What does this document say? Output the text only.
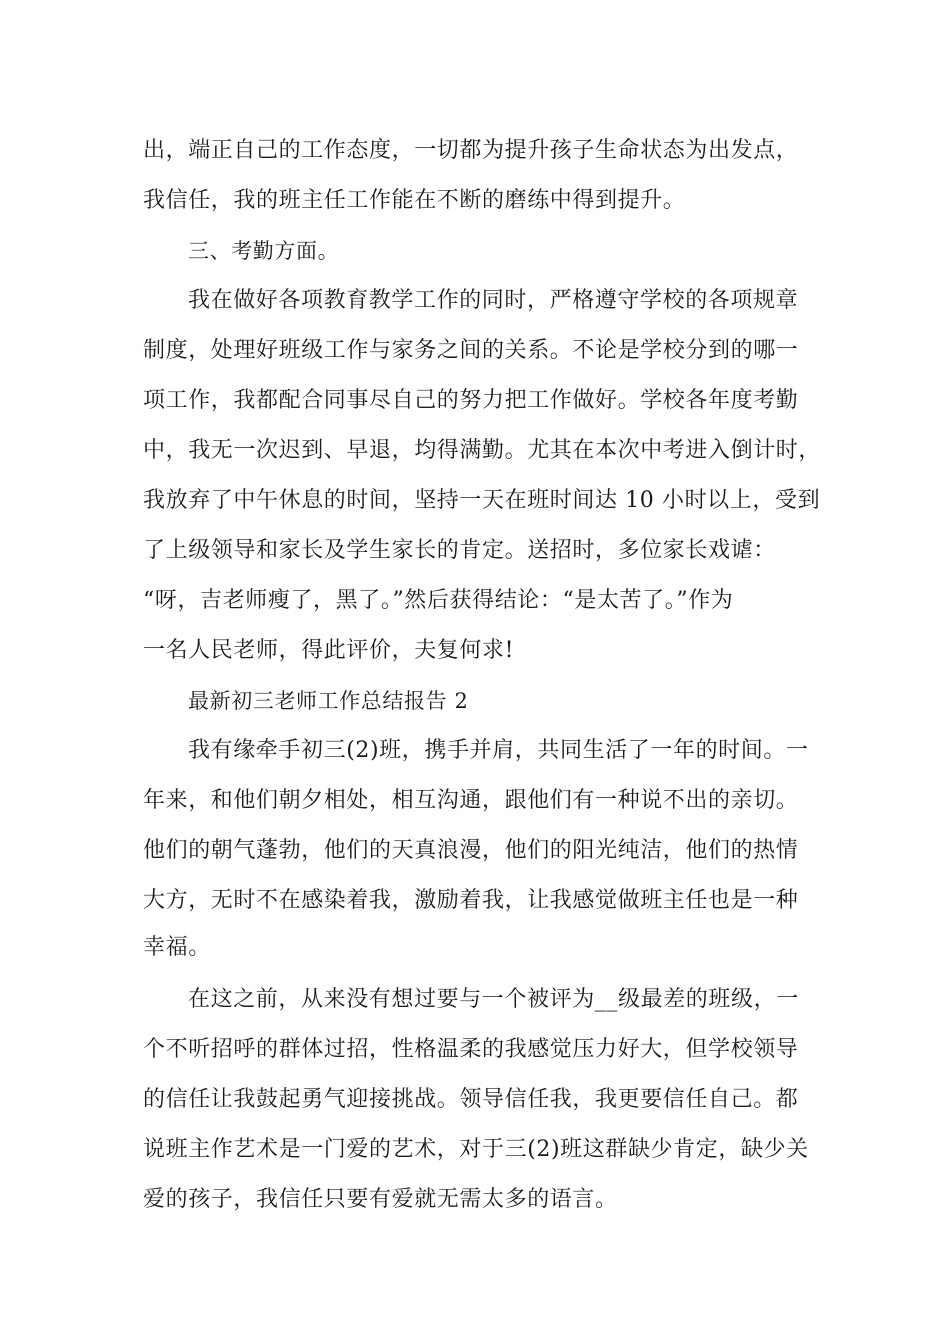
出，端正自己的工作态度，一切都为提升孩子生命状态为出发点，
我信任，我的班主任工作能在不断的磨练中得到提升。
三、考勤方面。
我在做好各项教育教学工作的同时，严格遵守学校的各项规章
制度，处理好班级工作与家务之间的关系。不论是学校分到的哪一
项工作，我都配合同事尽自己的努力把工作做好。学校各年度考勤
中，我无一次迟到、早退，均得满勤。尤其在本次中考进入倒计时，
我放弃了中午休息的时间，坚持一天在班时间达 10 小时以上，受到
了上级领导和家长及学生家长的肯定。送招时，多位家长戏谑：
“呀，吉老师瘦了，黑了。”然后获得结论：“是太苦了。”作为
一名人民老师，得此评价，夫复何求!
最新初三老师工作总结报告 2
我有缘牵手初三(2)班，携手并肩，共同生活了一年的时间。一
年来，和他们朝夕相处，相互沟通，跟他们有一种说不出的亲切。
他们的朝气蓬勃，他们的天真浪漫，他们的阳光纯洁，他们的热情
大方，无时不在感染着我，激励着我，让我感觉做班主任也是一种
幸福。
在这之前，从来没有想过要与一个被评为__级最差的班级，一
个不听招呼的群体过招，性格温柔的我感觉压力好大，但学校领导
的信任让我鼓起勇气迎接挑战。领导信任我，我更要信任自己。都
说班主作艺术是一门爱的艺术，对于三(2)班这群缺少肯定，缺少关
爱的孩子，我信任只要有爱就无需太多的语言。
